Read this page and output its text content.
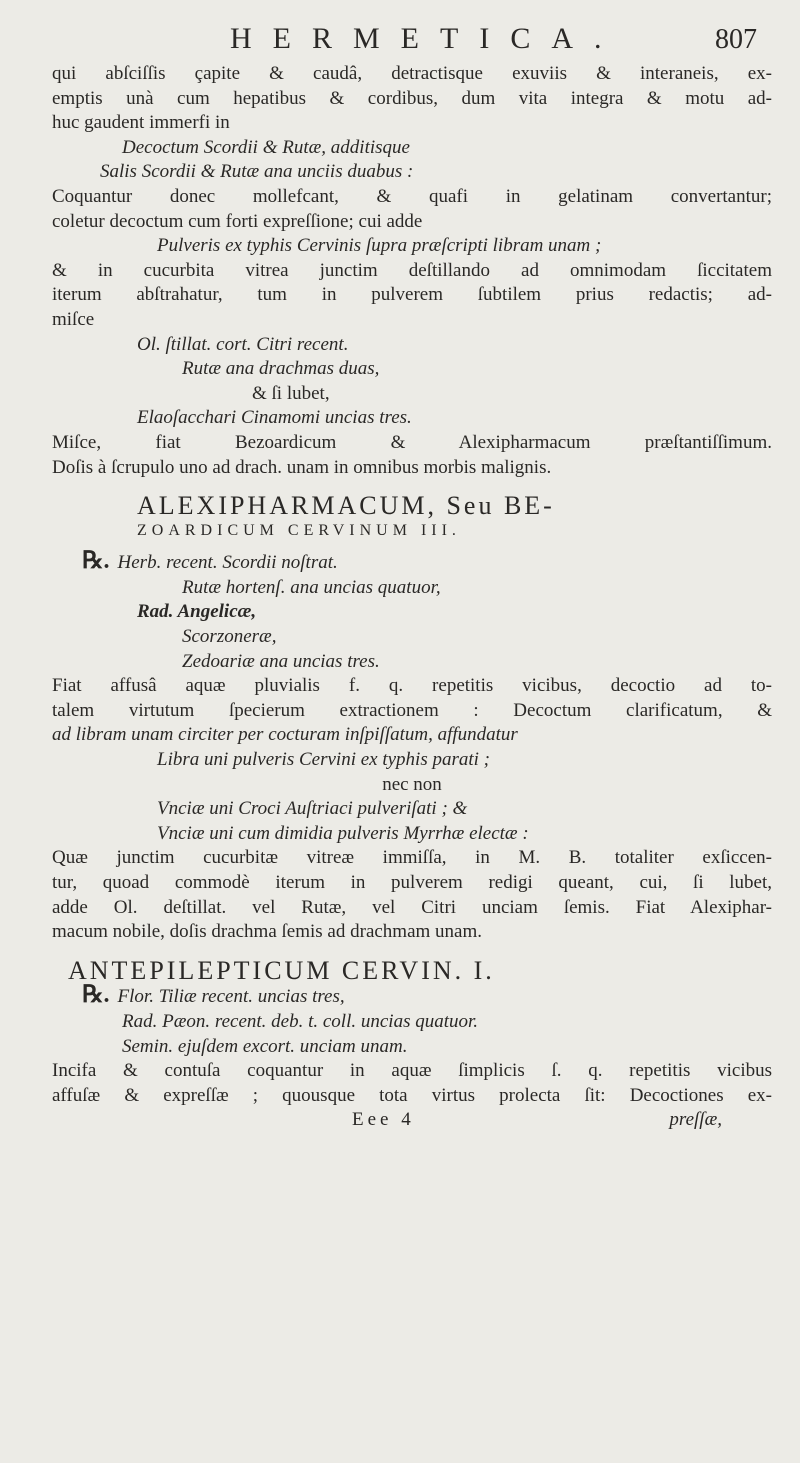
HERMETICA.	807

qui abſciſſis çapite & caudâ, detractisque exuviis & interaneis, ex-

emptis unà cum hepatibus & cordibus, dum vita integra & motu ad-

huc gaudent immerfi in

Decoctum Scordii & Rutæ, additisque

Salis Scordii & Rutæ ana unciis duabus :

Coquantur donec mollefcant, & quafi in gelatinam convertantur;

coletur decoctum cum forti expreſſione; cui adde

Pulveris ex typhis Cervinis ſupra præſcripti libram unam ;

& in cucurbita vitrea junctim deſtillando ad omnimodam ſiccitatem

iterum abſtrahatur, tum in pulverem ſubtilem prius redactis; ad-

miſce

Ol. ſtillat. cort. Citri recent.

Rutæ ana drachmas duas,

& ſi lubet,

Elaoſacchari Cinamomi uncias tres.

Miſce, fiat Bezoardicum & Alexipharmacum præſtantiſſimum.

Doſis à ſcrupulo uno ad drach. unam in omnibus morbis malignis.

ALEXIPHARMACUM, Seu BE-

ZOARDICUM CERVINUM III.

℞. Herb. recent. Scordii noſtrat.

Rutæ hortenſ. ana uncias quatuor,

Rad. Angelicæ,

Scorzoneræ,

Zedoariæ ana uncias tres.

Fiat affusâ aquæ pluvialis f. q. repetitis vicibus, decoctio ad to-

talem virtutum ſpecierum extractionem : Decoctum clarificatum, &

ad libram unam circiter per cocturam inſpiſſatum, affundatur

Libra uni pulveris Cervini ex typhis parati ;

nec non

Vnciæ uni Croci Auſtriaci pulveriſati ; &

Vnciæ uni cum dimidia pulveris Myrrhæ electæ :

Quæ junctim cucurbitæ vitreæ immiſſa, in M. B. totaliter exſiccen-

tur, quoad commodè iterum in pulverem redigi queant, cui, ſi lubet,

adde Ol. deſtillat. vel Rutæ, vel Citri unciam ſemis. Fiat Alexiphar-

macum nobile, doſis drachma ſemis ad drachmam unam.

ANTEPILEPTICUM CERVIN. I.

℞. Flor. Tiliæ recent. uncias tres,

Rad. Pæon. recent. deb. t. coll. uncias quatuor.

Semin. ejuſdem excort. unciam unam.

Incifa & contuſa coquantur in aquæ ſimplicis ſ. q. repetitis vicibus

affuſæ & expreſſæ ; quousque tota virtus prolecta ſit: Decoctiones ex-

Eee 4	preſſæ,
